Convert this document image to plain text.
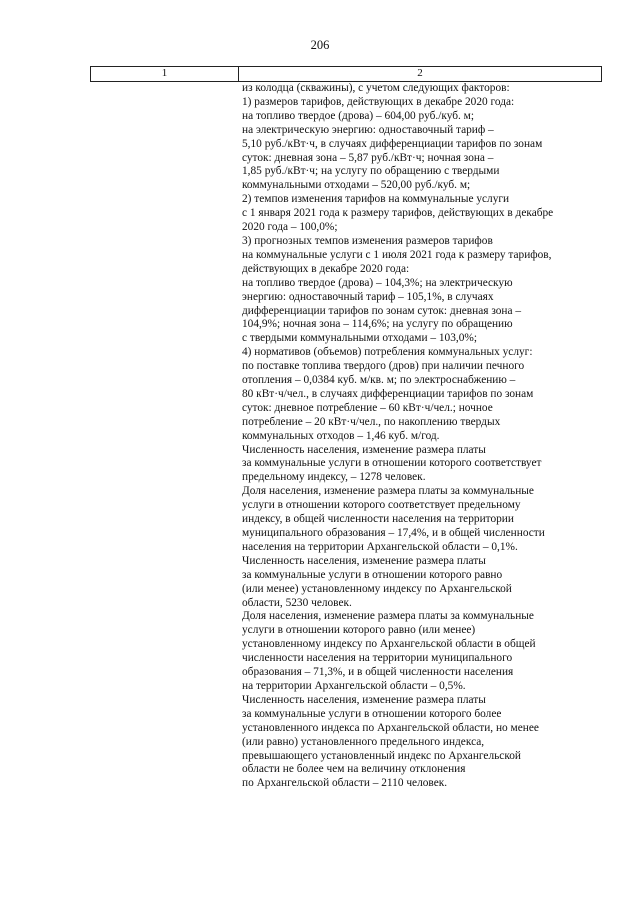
206
1	2
из колодца (скважины), с учетом следующих факторов:
1) размеров тарифов, действующих в декабре 2020 года:
на топливо твердое (дрова) – 604,00 руб./куб. м;
на электрическую энергию: одноставочный тариф –
5,10 руб./кВт·ч, в случаях дифференциации тарифов по зонам
суток: дневная зона – 5,87 руб./кВт·ч; ночная зона –
1,85 руб./кВт·ч; на услугу по обращению с твердыми
коммунальными отходами – 520,00 руб./куб. м;
2) темпов изменения тарифов на коммунальные услуги
с 1 января 2021 года к размеру тарифов, действующих в декабре
2020 года – 100,0%;
3) прогнозных темпов изменения размеров тарифов
на коммунальные услуги с 1 июля 2021 года к размеру тарифов,
действующих в декабре 2020 года:
на топливо твердое (дрова) – 104,3%; на электрическую
энергию: одноставочный тариф – 105,1%, в случаях
дифференциации тарифов по зонам суток: дневная зона –
104,9%; ночная зона – 114,6%; на услугу по обращению
с твердыми коммунальными отходами – 103,0%;
4) нормативов (объемов) потребления коммунальных услуг:
по поставке топлива твердого (дров) при наличии печного
отопления – 0,0384 куб. м/кв. м; по электроснабжению –
80 кВт·ч/чел., в случаях дифференциации тарифов по зонам
суток: дневное потребление – 60 кВт·ч/чел.; ночное
потребление – 20 кВт·ч/чел., по накоплению твердых
коммунальных отходов – 1,46 куб. м/год.
Численность населения, изменение размера платы
за коммунальные услуги в отношении которого соответствует
предельному индексу, – 1278 человек.
Доля населения, изменение размера платы за коммунальные
услуги в отношении которого соответствует предельному
индексу, в общей численности населения на территории
муниципального образования – 17,4%, и в общей численности
населения на территории Архангельской области – 0,1%.
Численность населения, изменение размера платы
за коммунальные услуги в отношении которого равно
(или менее) установленному индексу по Архангельской
области, 5230 человек.
Доля населения, изменение размера платы за коммунальные
услуги в отношении которого равно (или менее)
установленному индексу по Архангельской области в общей
численности населения на территории муниципального
образования – 71,3%, и в общей численности населения
на территории Архангельской области – 0,5%.
Численность населения, изменение размера платы
за коммунальные услуги в отношении которого более
установленного индекса по Архангельской области, но менее
(или равно) установленного предельного индекса,
превышающего установленный индекс по Архангельской
области не более чем на величину отклонения
по Архангельской области – 2110 человек.
